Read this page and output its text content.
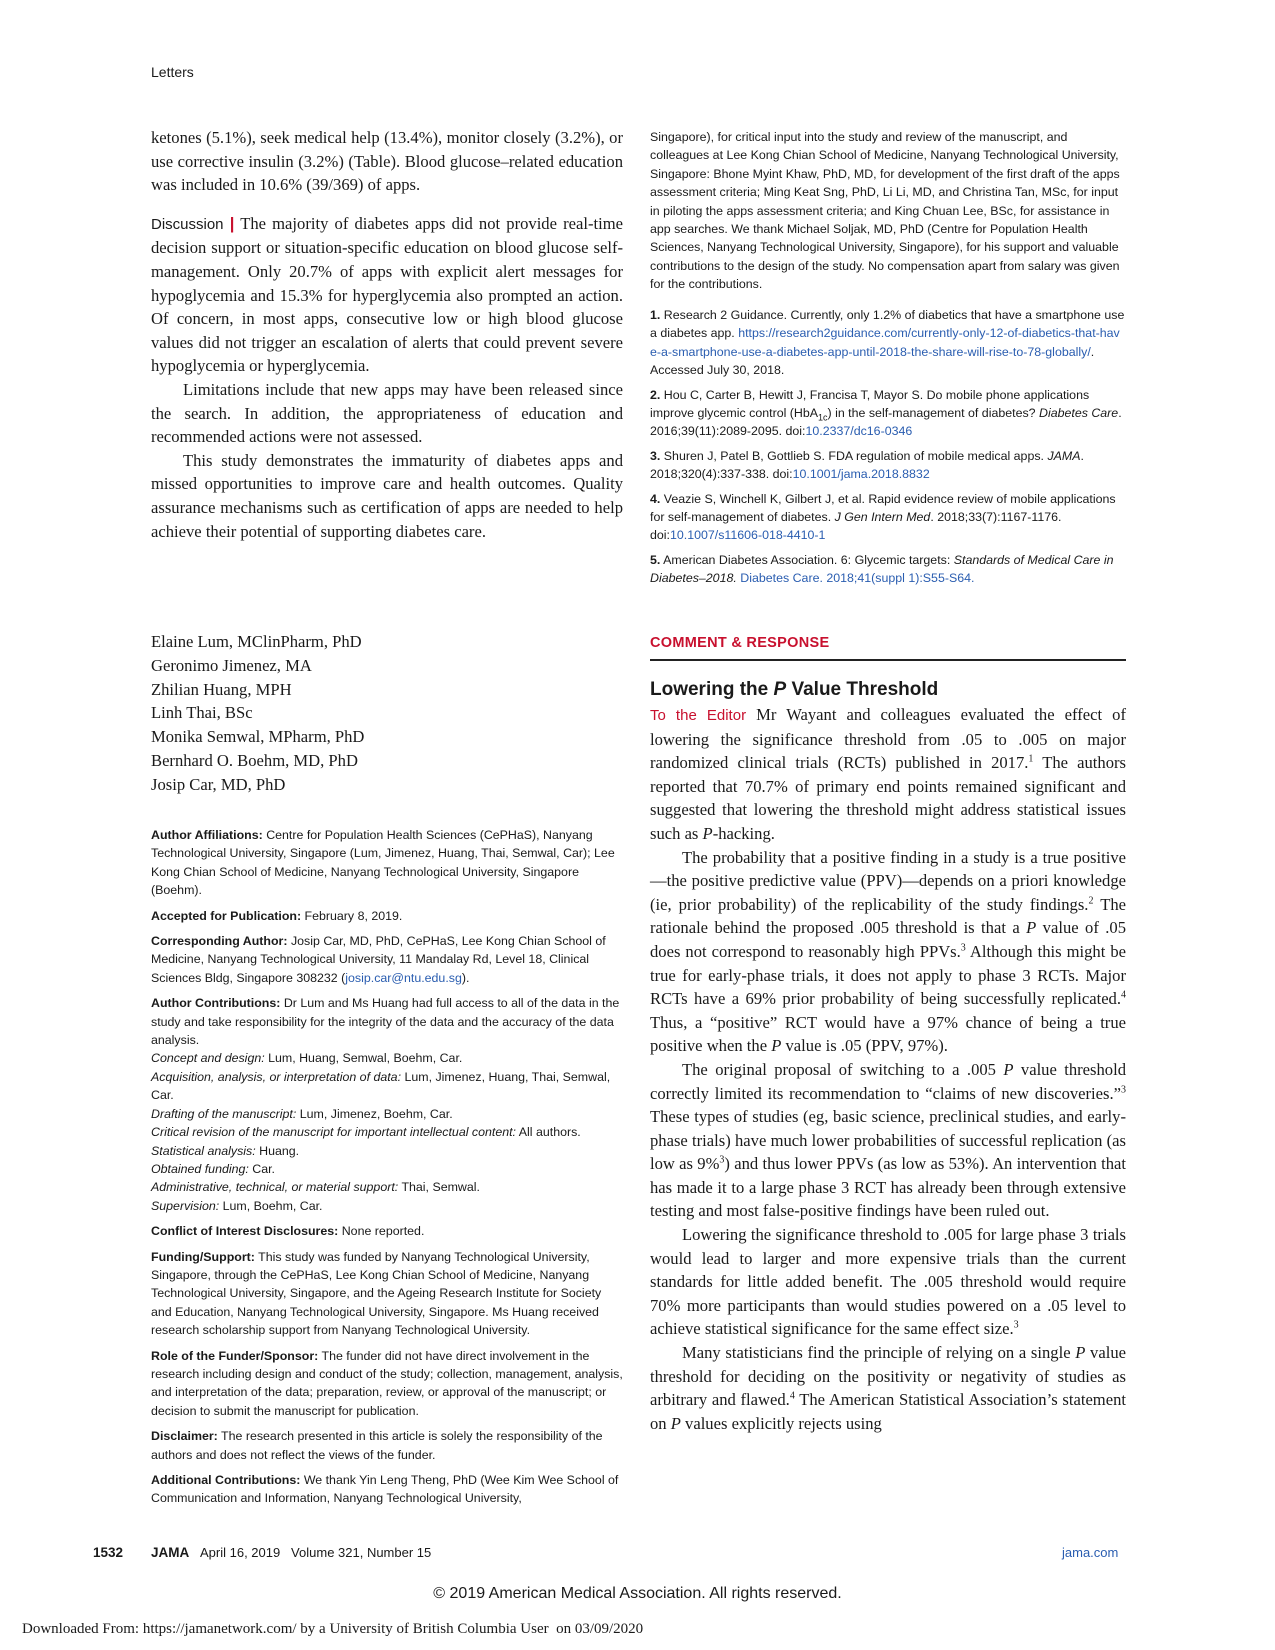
Letters

ketones (5.1%), seek medical help (13.4%), monitor closely (3.2%), or use corrective insulin (3.2%) (Table). Blood glucose–related education was included in 10.6% (39/369) of apps.

Discussion | The majority of diabetes apps did not provide real-time decision support or situation-specific education on blood glucose self-management. Only 20.7% of apps with explicit alert messages for hypoglycemia and 15.3% for hyperglycemia also prompted an action. Of concern, in most apps, consecutive low or high blood glucose values did not trigger an escalation of alerts that could prevent severe hypoglycemia or hyperglycemia.

Limitations include that new apps may have been released since the search. In addition, the appropriateness of education and recommended actions were not assessed.

This study demonstrates the immaturity of diabetes apps and missed opportunities to improve care and health outcomes. Quality assurance mechanisms such as certification of apps are needed to help achieve their potential of supporting diabetes care.

Elaine Lum, MClinPharm, PhD
Geronimo Jimenez, MA
Zhilian Huang, MPH
Linh Thai, BSc
Monika Semwal, MPharm, PhD
Bernhard O. Boehm, MD, PhD
Josip Car, MD, PhD

Author Affiliations: Centre for Population Health Sciences (CePHaS), Nanyang Technological University, Singapore (Lum, Jimenez, Huang, Thai, Semwal, Car); Lee Kong Chian School of Medicine, Nanyang Technological University, Singapore (Boehm).

Accepted for Publication: February 8, 2019.

Corresponding Author: Josip Car, MD, PhD, CePHaS, Lee Kong Chian School of Medicine, Nanyang Technological University, 11 Mandalay Rd, Level 18, Clinical Sciences Bldg, Singapore 308232 (josip.car@ntu.edu.sg).

Author Contributions: Dr Lum and Ms Huang had full access to all of the data in the study and take responsibility for the integrity of the data and the accuracy of the data analysis.
Concept and design: Lum, Huang, Semwal, Boehm, Car.
Acquisition, analysis, or interpretation of data: Lum, Jimenez, Huang, Thai, Semwal, Car.
Drafting of the manuscript: Lum, Jimenez, Boehm, Car.
Critical revision of the manuscript for important intellectual content: All authors.
Statistical analysis: Huang.
Obtained funding: Car.
Administrative, technical, or material support: Thai, Semwal.
Supervision: Lum, Boehm, Car.

Conflict of Interest Disclosures: None reported.

Funding/Support: This study was funded by Nanyang Technological University, Singapore, through the CePHaS, Lee Kong Chian School of Medicine, Nanyang Technological University, Singapore, and the Ageing Research Institute for Society and Education, Nanyang Technological University, Singapore. Ms Huang received research scholarship support from Nanyang Technological University.

Role of the Funder/Sponsor: The funder did not have direct involvement in the research including design and conduct of the study; collection, management, analysis, and interpretation of the data; preparation, review, or approval of the manuscript; or decision to submit the manuscript for publication.

Disclaimer: The research presented in this article is solely the responsibility of the authors and does not reflect the views of the funder.

Additional Contributions: We thank Yin Leng Theng, PhD (Wee Kim Wee School of Communication and Information, Nanyang Technological University,

Singapore), for critical input into the study and review of the manuscript, and colleagues at Lee Kong Chian School of Medicine, Nanyang Technological University, Singapore: Bhone Myint Khaw, PhD, MD, for development of the first draft of the apps assessment criteria; Ming Keat Sng, PhD, Li Li, MD, and Christina Tan, MSc, for input in piloting the apps assessment criteria; and King Chuan Lee, BSc, for assistance in app searches. We thank Michael Soljak, MD, PhD (Centre for Population Health Sciences, Nanyang Technological University, Singapore), for his support and valuable contributions to the design of the study. No compensation apart from salary was given for the contributions.

1. Research 2 Guidance. Currently, only 1.2% of diabetics that have a smartphone use a diabetes app. https://research2guidance.com/currently-only-12-of-diabetics-that-have-a-smartphone-use-a-diabetes-app-until-2018-the-share-will-rise-to-78-globally/. Accessed July 30, 2018.

2. Hou C, Carter B, Hewitt J, Francisa T, Mayor S. Do mobile phone applications improve glycemic control (HbA$_{1c}$) in the self-management of diabetes? Diabetes Care. 2016;39(11):2089-2095. doi:10.2337/dc16-0346

3. Shuren J, Patel B, Gottlieb S. FDA regulation of mobile medical apps. JAMA. 2018;320(4):337-338. doi:10.1001/jama.2018.8832

4. Veazie S, Winchell K, Gilbert J, et al. Rapid evidence review of mobile applications for self-management of diabetes. J Gen Intern Med. 2018;33(7):1167-1176. doi:10.1007/s11606-018-4410-1

5. American Diabetes Association. 6: Glycemic targets: Standards of Medical Care in Diabetes–2018. Diabetes Care. 2018;41(suppl 1):S55-S64.

COMMENT & RESPONSE
Lowering the P Value Threshold

To the Editor Mr Wayant and colleagues evaluated the effect of lowering the significance threshold from .05 to .005 on major randomized clinical trials (RCTs) published in 2017.$^1$ The authors reported that 70.7% of primary end points remained significant and suggested that lowering the threshold might address statistical issues such as P-hacking.

The probability that a positive finding in a study is a true positive—the positive predictive value (PPV)—depends on a priori knowledge (ie, prior probability) of the replicability of the study findings.$^2$ The rationale behind the proposed .005 threshold is that a P value of .05 does not correspond to reasonably high PPVs.$^3$ Although this might be true for early-phase trials, it does not apply to phase 3 RCTs. Major RCTs have a 69% prior probability of being successfully replicated.$^4$ Thus, a “positive” RCT would have a 97% chance of being a true positive when the P value is .05 (PPV, 97%).

The original proposal of switching to a .005 P value threshold correctly limited its recommendation to “claims of new discoveries.”$^3$ These types of studies (eg, basic science, preclinical studies, and early-phase trials) have much lower probabilities of successful replication (as low as 9%$^3$) and thus lower PPVs (as low as 53%). An intervention that has made it to a large phase 3 RCT has already been through extensive testing and most false-positive findings have been ruled out.

Lowering the significance threshold to .005 for large phase 3 trials would lead to larger and more expensive trials than the current standards for little added benefit. The .005 threshold would require 70% more participants than would studies powered on a .05 level to achieve statistical significance for the same effect size.$^3$

Many statisticians find the principle of relying on a single P value threshold for deciding on the positivity or negativity of studies as arbitrary and flawed.$^4$ The American Statistical Association’s statement on P values explicitly rejects using

1532 JAMA April 16, 2019   Volume 321, Number 15	jama.com
© 2019 American Medical Association. All rights reserved.
Downloaded From: https://jamanetwork.com/ by a University of British Columbia User  on 03/09/2020
